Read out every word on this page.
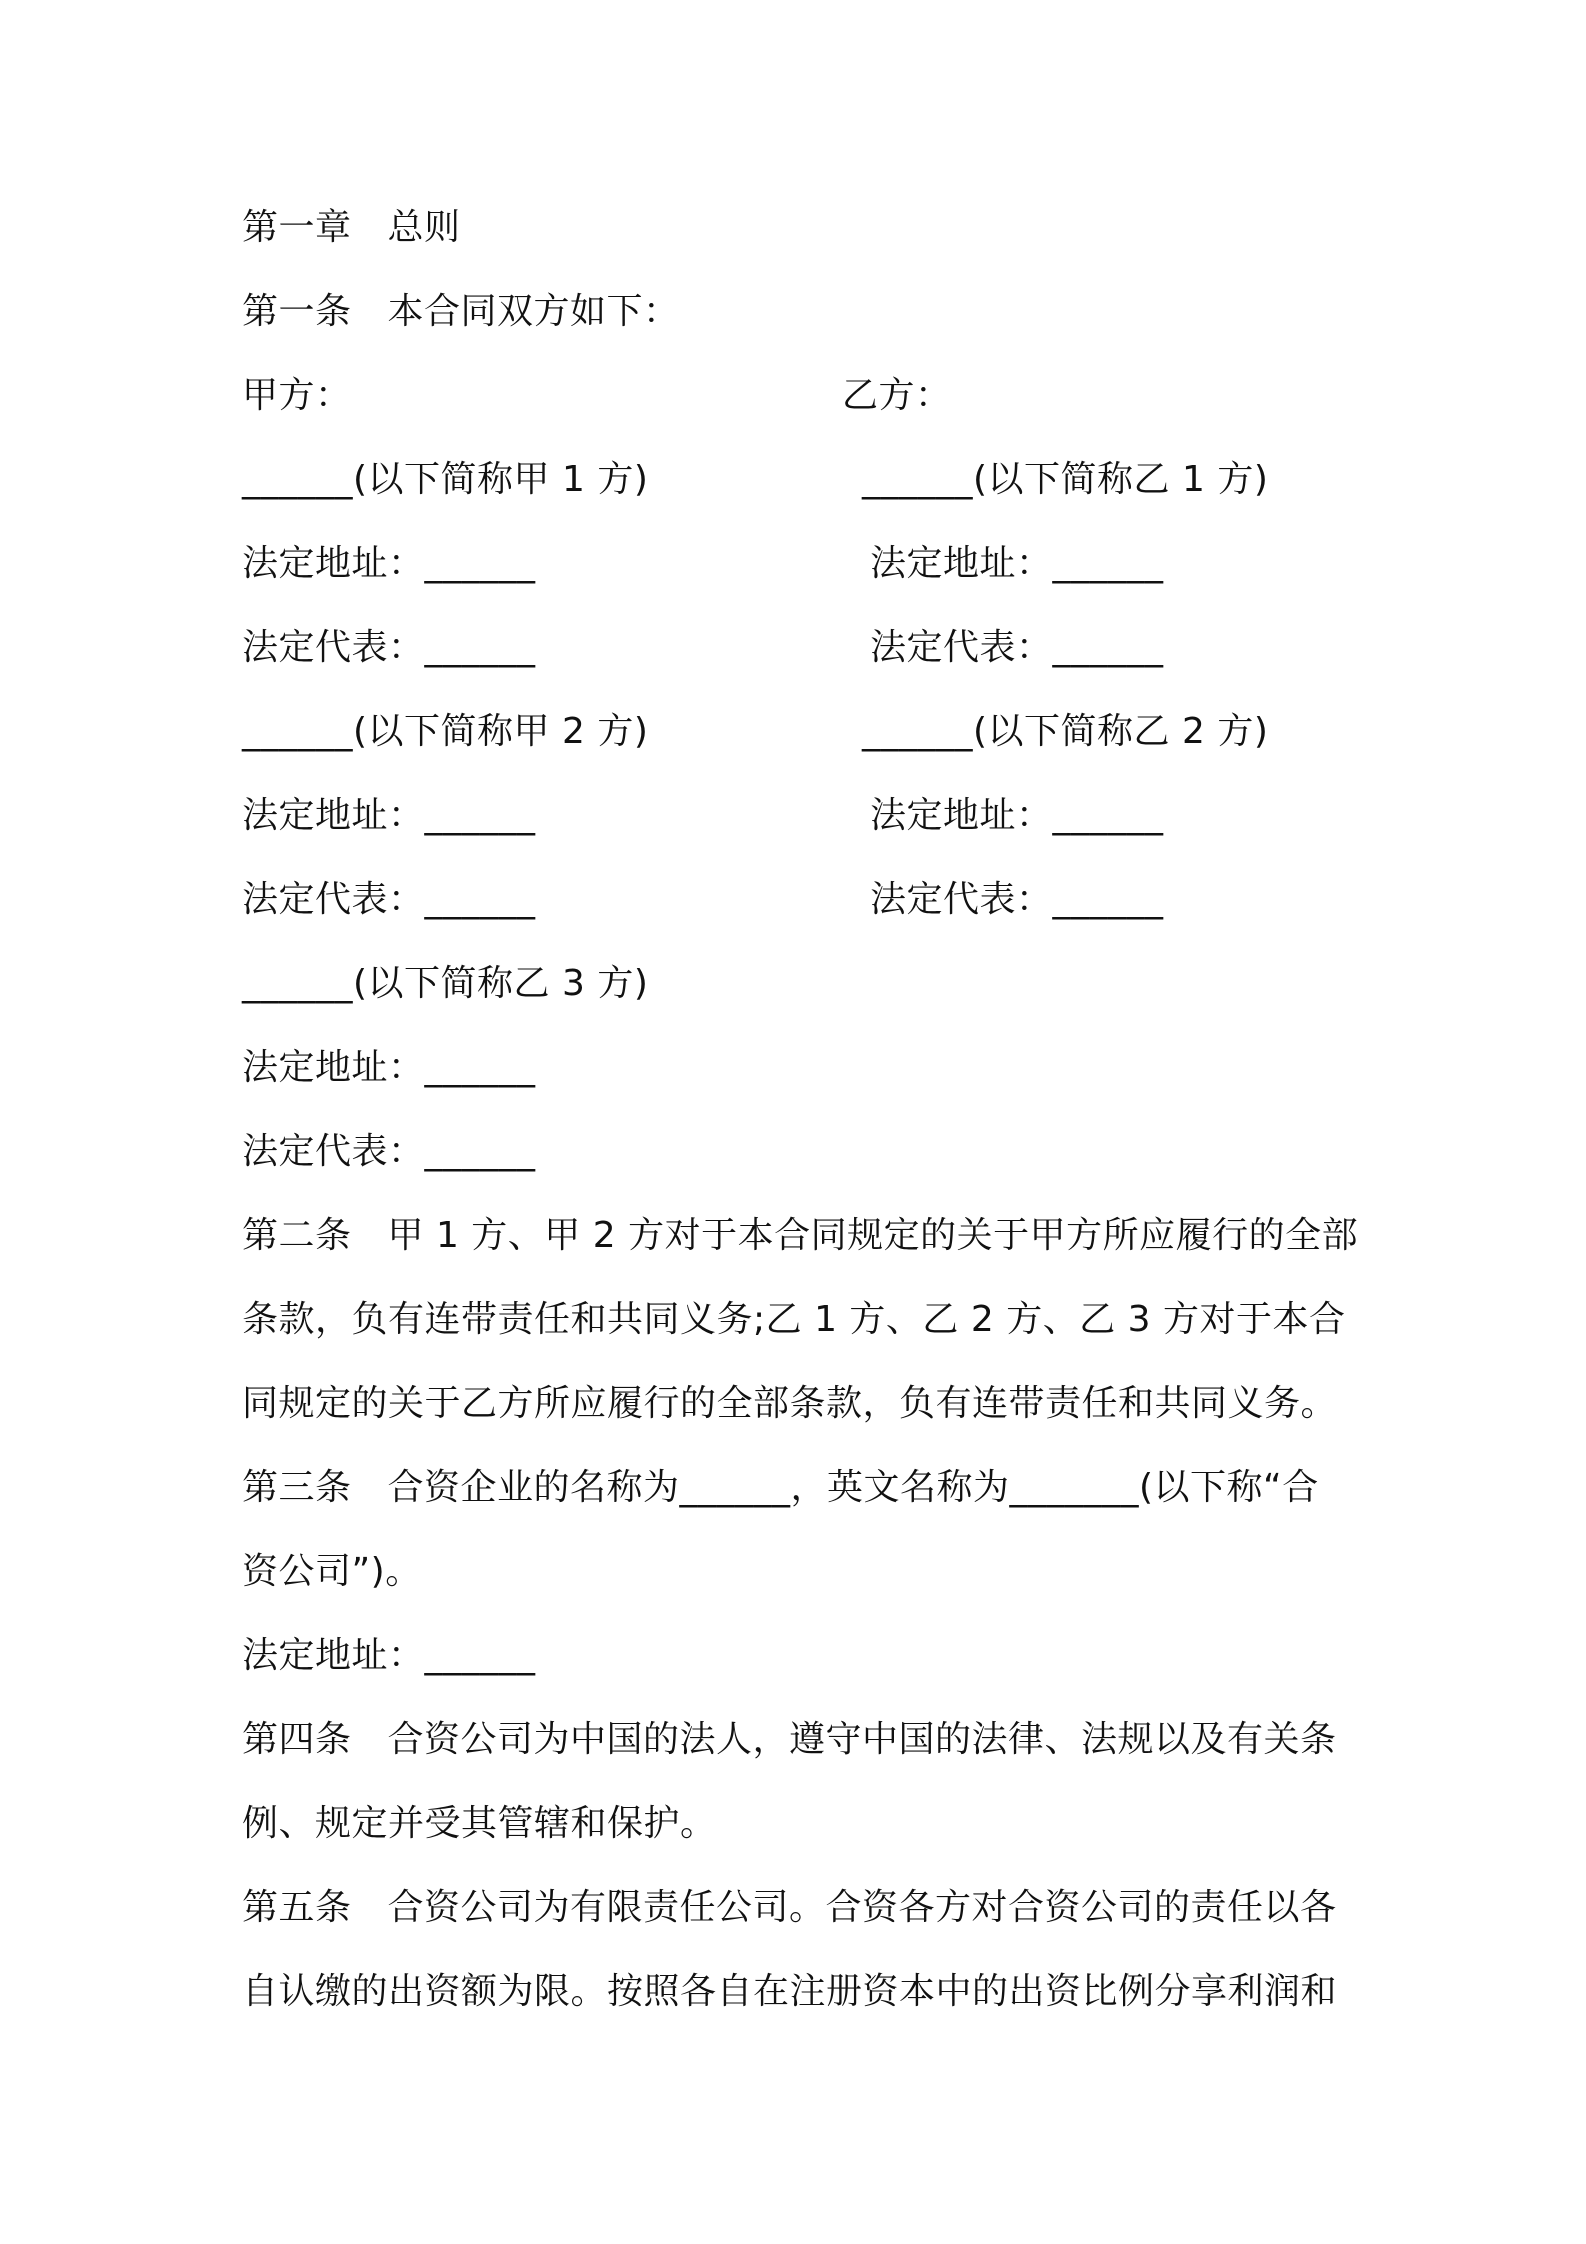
第一章 总则
第一条 本合同双方如下：
甲方：	乙方：
______(以下简称甲 1 方)	______(以下简称乙 1 方)
法定地址：______	法定地址：______
法定代表：______	法定代表：______
______(以下简称甲 2 方)	______(以下简称乙 2 方)
法定地址：______	法定地址：______
法定代表：______	法定代表：______
______(以下简称乙 3 方)
法定地址：______
法定代表：______
第二条 甲 1 方、甲 2 方对于本合同规定的关于甲方所应履行的全部
条款，负有连带责任和共同义务;乙 1 方、乙 2 方、乙 3 方对于本合
同规定的关于乙方所应履行的全部条款，负有连带责任和共同义务。
第三条 合资企业的名称为______，英文名称为_______(以下称“合
资公司”)。
法定地址：______
第四条 合资公司为中国的法人，遵守中国的法律、法规以及有关条
例、规定并受其管辖和保护。
第五条 合资公司为有限责任公司。合资各方对合资公司的责任以各
自认缴的出资额为限。按照各自在注册资本中的出资比例分享利润和
